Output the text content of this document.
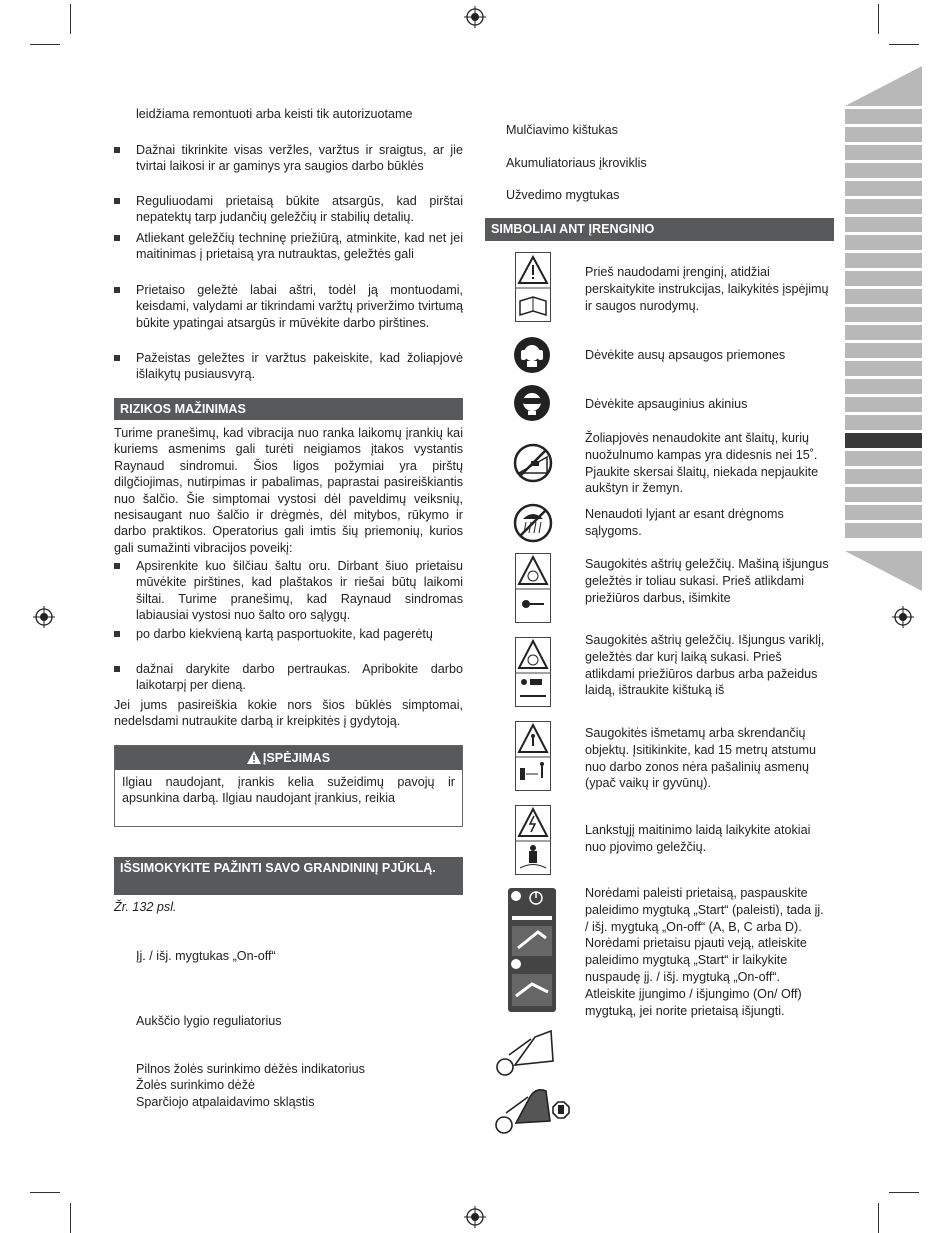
leidžiama remontuoti arba keisti tik autorizuotame
Dažnai tikrinkite visas veržles, varžtus ir sraigtus, ar jie tvirtai laikosi ir ar gaminys yra saugios darbo būklės
Reguliuodami prietaisą būkite atsargūs, kad pirštai nepatektų tarp judančių geležčių ir stabilių detalių.
Atliekant geležčių techninę priežiūrą, atminkite, kad net jei maitinimas į prietaisą yra nutrauktas, geležtės gali
Prietaiso geležtė labai aštri, todėl ją montuodami, keisdami, valydami ar tikrindami varžtų priveržimo tvirtumą būkite ypatingai atsargūs ir mūvėkite darbo pirštines.
Pažeistas geležtes ir varžtus pakeiskite, kad žoliapjovė išlaikytų pusiausvyrą.
RIZIKOS MAŽINIMAS
Turime pranešimų, kad vibracija nuo ranka laikomų įrankių kai kuriems asmenims gali turėti neigiamos įtakos vystantis Raynaud sindromui. Šios ligos požymiai yra pirštų dilgčiojimas, nutirpimas ir pabalimas, paprastai pasireiškiantis nuo šalčio. Šie simptomai vystosi dėl paveldimų veiksnių, nesisaugant nuo šalčio ir drėgmės, dėl mitybos, rūkymo ir darbo praktikos. Operatorius gali imtis šių priemonių, kurios gali sumažinti vibracijos poveikį:
Apsirenkite kuo šilčiau šaltu oru. Dirbant šiuo prietaisu mūvėkite pirštines, kad plaštakos ir riešai būtų laikomi šiltai. Turime pranešimų, kad Raynaud sindromas labiausiai vystosi nuo šalto oro sąlygų.
po darbo kiekvieną kartą pasportuokite, kad pagerėtų
dažnai darykite darbo pertraukas. Apribokite darbo laikotarpį per dieną.
Jei jums pasireiškia kokie nors šios būklės simptomai, nedelsdami nutraukite darbą ir kreipkitės į gydytoją.
ĮSPĖJIMAS
Ilgiau naudojant, įrankis kelia sužeidimų pavojų ir apsunkina darbą. Ilgiau naudojant įrankius, reikia
IŠSIMOKYKITE PAŽINTI SAVO GRANDININĮ PJŪKLĄ.
Žr. 132 psl.
Įj. / išj. mygtukas „On-off“
Aukščio lygio reguliatorius
Pilnos žolės surinkimo dėžės indikatorius
Žolės surinkimo dėžė
Sparčiojo atpalaidavimo skląstis
Mulčiavimo kištukas
Akumuliatoriaus įkroviklis
Užvedimo mygtukas
SIMBOLIAI ANT ĮRENGINIO
Prieš naudodami įrenginį, atidžiai perskaitykite instrukcijas, laikykitės įspėjimų ir saugos nurodymų.
Dėvėkite ausų apsaugos priemones
Dėvėkite apsauginius akinius
Žoliapjovės nenaudokite ant šlaitų, kurių nuožulnumo kampas yra didesnis nei 15˚. Pjaukite skersai šlaitų, niekada nepjaukite aukštyn ir žemyn.
Nenaudoti lyjant ar esant drėgnoms sąlygoms.
Saugokitės aštrių geležčių. Mašiną išjungus geležtės ir toliau sukasi. Prieš atlikdami priežiūros darbus, išimkite
Saugokitės aštrių geležčių. Išjungus variklį, geležtės dar kurį laiką sukasi. Prieš atlikdami priežiūros darbus arba pažeidus laidą, ištraukite kištuką iš
Saugokitės išmetamų arba skrendančių objektų. Įsitikinkite, kad 15 metrų atstumu nuo darbo zonos nėra pašalinių asmenų (ypač vaikų ir gyvūnų).
Lankstųjį maitinimo laidą laikykite atokiai nuo pjovimo geležčių.
Norėdami paleisti prietaisą, paspauskite paleidimo mygtuką „Start“ (paleisti), tada įj. / išj. mygtuką „On-off“ (A, B, C arba D). Norėdami prietaisu pjauti veją, atleiskite paleidimo mygtuką „Start“ ir laikykite nuspaudę įj. / išj. mygtuką „On-off“. Atleiskite įjungimo / išjungimo (On/ Off) mygtuką, jei norite prietaisą išjungti.
